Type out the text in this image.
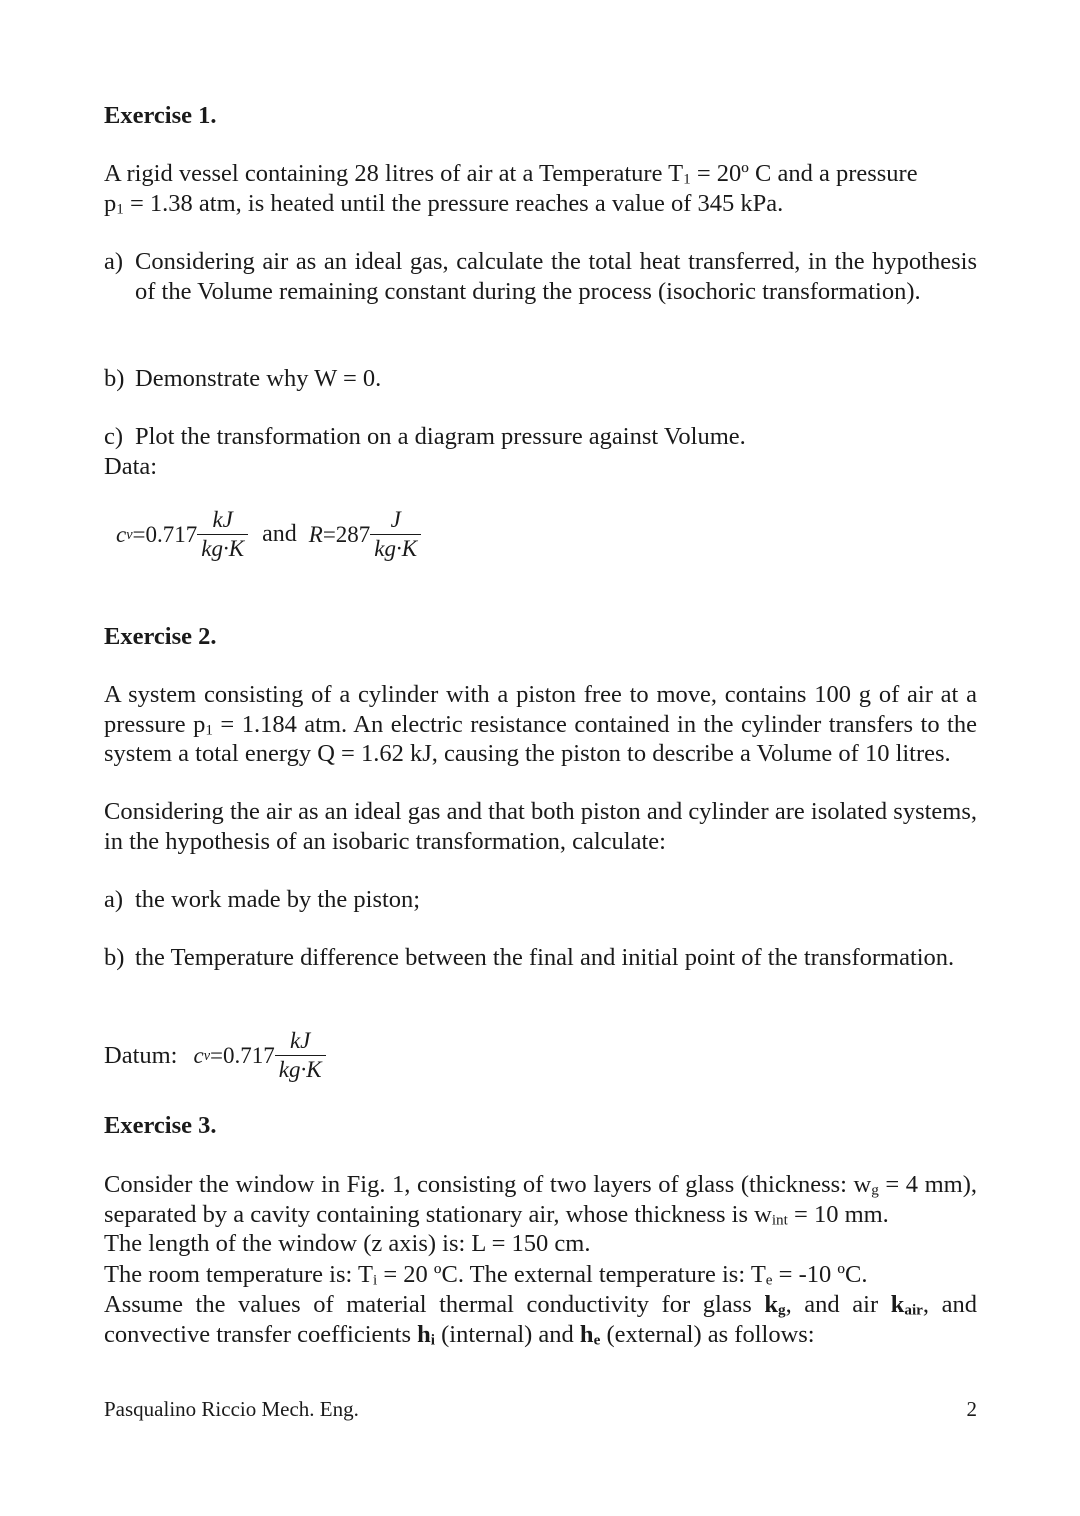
Exercise 1.
A rigid vessel containing 28 litres of air at a Temperature $T_1$ = 20º C and a pressure
$p_1 = 1.38$ atm, is heated until the pressure reaches a value of 345 kPa.
a) Considering air as an ideal gas, calculate the total heat transferred, in the hypothesis of the Volume remaining constant during the process (isochoric transformation).
b) Demonstrate why W = 0.
c) Plot the transformation on a diagram pressure against Volume.
Data:
c $v =0.717 \frac{kJ}{kg\cdot K}$ and $R =287 \frac{J}{kg\cdot K}$
Exercise 2.
A system consisting of a cylinder with a piston free to move, contains 100 g of air at a pressure $p_1 = 1.184$ atm. An electric resistance contained in the cylinder transfers to the system a total energy Q = 1.62 kJ, causing the piston to describe a Volume of 10 litres.
Considering the air as an ideal gas and that both piston and cylinder are isolated systems, in the hypothesis of an isobaric transformation, calculate:
a) the work made by the piston;
b) the Temperature difference between the final and initial point of the transformation.
Datum: c $v =0.717 \frac{kJ}{kg\cdot K}$
Exercise 3.
Consider the window in Fig. 1, consisting of two layers of glass (thickness: $w_g = 4$ mm), separated by a cavity containing stationary air, whose thickness is $w_{int} = 10$ mm.
The length of the window (z axis) is: L = 150 cm.
The room temperature is: $T_i = 20$ ºC. The external temperature is: $T_e = -10$ ºC.
Assume the values of material thermal conductivity for glass $k_g$, and air $k_{air}$, and convective transfer coefficients $h_i$ (internal) and $h_e$ (external) as follows:
Pasqualino Riccio Mech. Eng.	2
